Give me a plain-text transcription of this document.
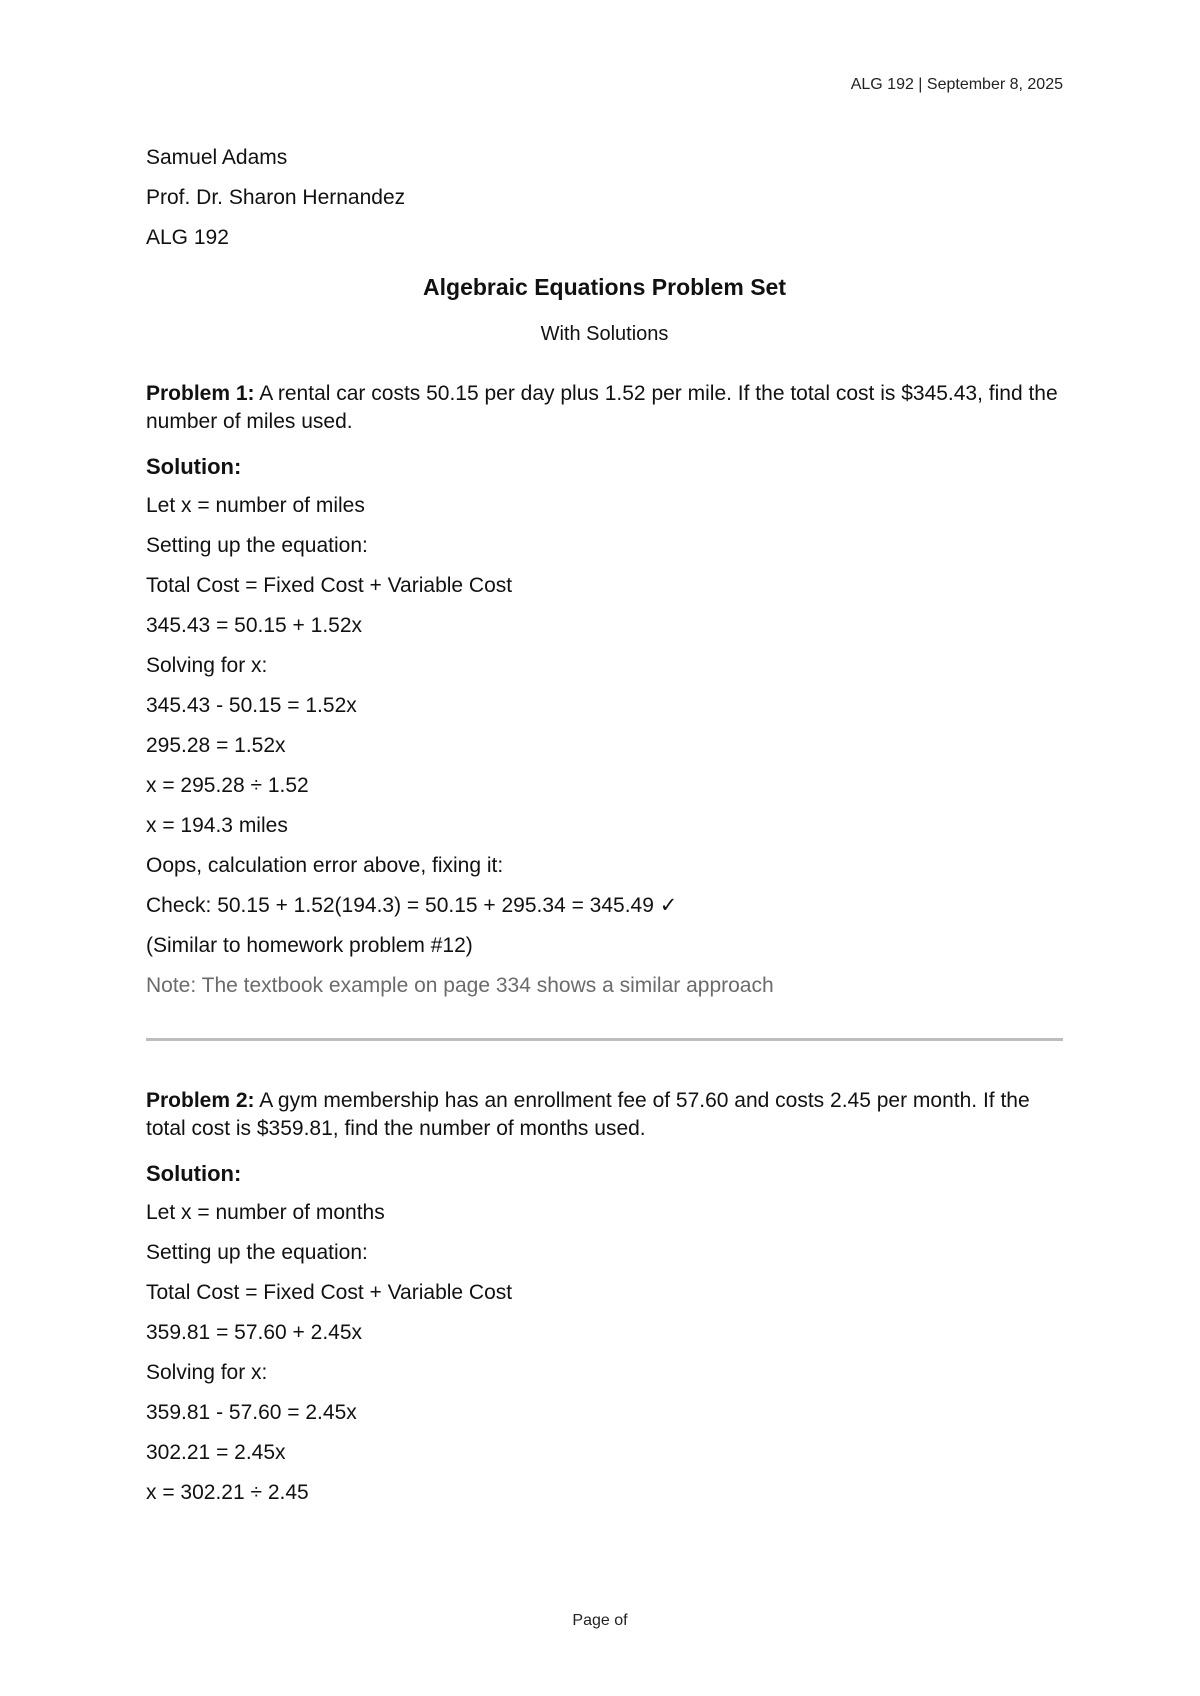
ALG 192 | September 8, 2025
Samuel Adams
Prof. Dr. Sharon Hernandez
ALG 192
Algebraic Equations Problem Set
With Solutions
Problem 1: A rental car costs 50.15 per day plus 1.52 per mile. If the total cost is $345.43, find the number of miles used.
Solution:
Let x = number of miles
Setting up the equation:
Total Cost = Fixed Cost + Variable Cost
345.43 = 50.15 + 1.52x
Solving for x:
345.43 - 50.15 = 1.52x
295.28 = 1.52x
x = 295.28 ÷ 1.52
x = 194.3 miles
Oops, calculation error above, fixing it:
Check: 50.15 + 1.52(194.3) = 50.15 + 295.34 = 345.49 ✓
(Similar to homework problem #12)
Note: The textbook example on page 334 shows a similar approach
Problem 2: A gym membership has an enrollment fee of 57.60 and costs 2.45 per month. If the total cost is $359.81, find the number of months used.
Solution:
Let x = number of months
Setting up the equation:
Total Cost = Fixed Cost + Variable Cost
359.81 = 57.60 + 2.45x
Solving for x:
359.81 - 57.60 = 2.45x
302.21 = 2.45x
x = 302.21 ÷ 2.45
Page of
